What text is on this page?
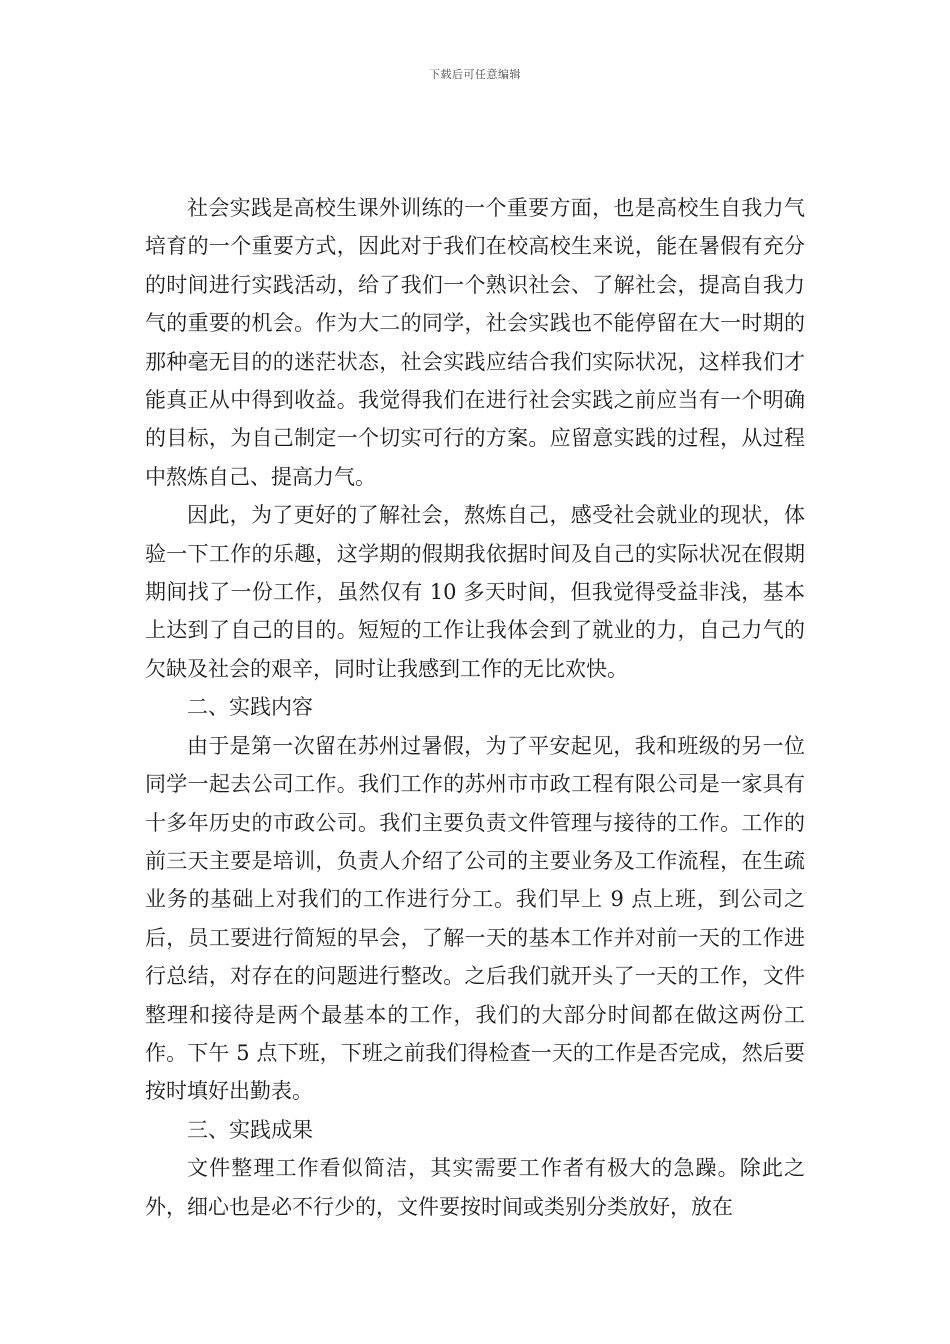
下载后可任意编辑

社会实践是高校生课外训练的一个重要方面，也是高校生自我力气培育的一个重要方式，因此对于我们在校高校生来说，能在暑假有充分的时间进行实践活动，给了我们一个熟识社会、了解社会，提高自我力气的重要的机会。作为大二的同学，社会实践也不能停留在大一时期的那种毫无目的的迷茫状态，社会实践应结合我们实际状况，这样我们才能真正从中得到收益。我觉得我们在进行社会实践之前应当有一个明确的目标，为自己制定一个切实可行的方案。应留意实践的过程，从过程中熬炼自己、提高力气。

因此，为了更好的了解社会，熬炼自己，感受社会就业的现状，体验一下工作的乐趣，这学期的假期我依据时间及自己的实际状况在假期期间找了一份工作，虽然仅有 10 多天时间，但我觉得受益非浅，基本上达到了自己的目的。短短的工作让我体会到了就业的力，自己力气的欠缺及社会的艰辛，同时让我感到工作的无比欢快。

二、实践内容

由于是第一次留在苏州过暑假，为了平安起见，我和班级的另一位同学一起去公司工作。我们工作的苏州市市政工程有限公司是一家具有十多年历史的市政公司。我们主要负责文件管理与接待的工作。工作的前三天主要是培训，负责人介绍了公司的主要业务及工作流程，在生疏业务的基础上对我们的工作进行分工。我们早上 9 点上班，到公司之后，员工要进行简短的早会，了解一天的基本工作并对前一天的工作进行总结，对存在的问题进行整改。之后我们就开头了一天的工作，文件整理和接待是两个最基本的工作，我们的大部分时间都在做这两份工作。下午 5 点下班，下班之前我们得检查一天的工作是否完成，然后要按时填好出勤表。

三、实践成果

文件整理工作看似简洁，其实需要工作者有极大的急躁。除此之外，细心也是必不行少的，文件要按时间或类别分类放好，放在
